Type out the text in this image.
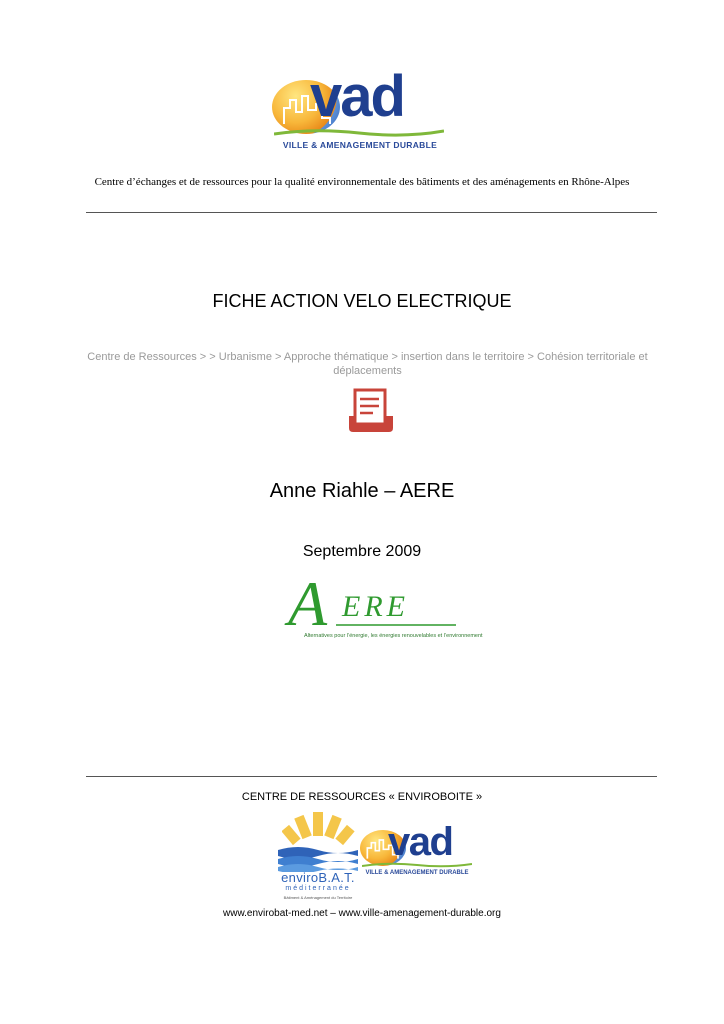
vad
VILLE & AMENAGEMENT DURABLE
Centre d’échanges et de ressources pour la qualité environnementale des bâtiments et des aménagements en Rhône-Alpes
FICHE ACTION VELO ELECTRIQUE
Centre de Ressources > > Urbanisme > Approche thématique > insertion dans le territoire > Cohésion territoriale et déplacements
Anne Riahle – AERE
Septembre 2009
A ERE
Alternatives pour l’énergie, les énergies renouvelables et l’environnement
CENTRE DE RESSOURCES « ENVIROBOITE »
enviroB.A.T.
méditerranée
Bâtiment & Aménagement du Territoire
vad
VILLE & AMENAGEMENT DURABLE
www.envirobat-med.net – www.ville-amenagement-durable.org
